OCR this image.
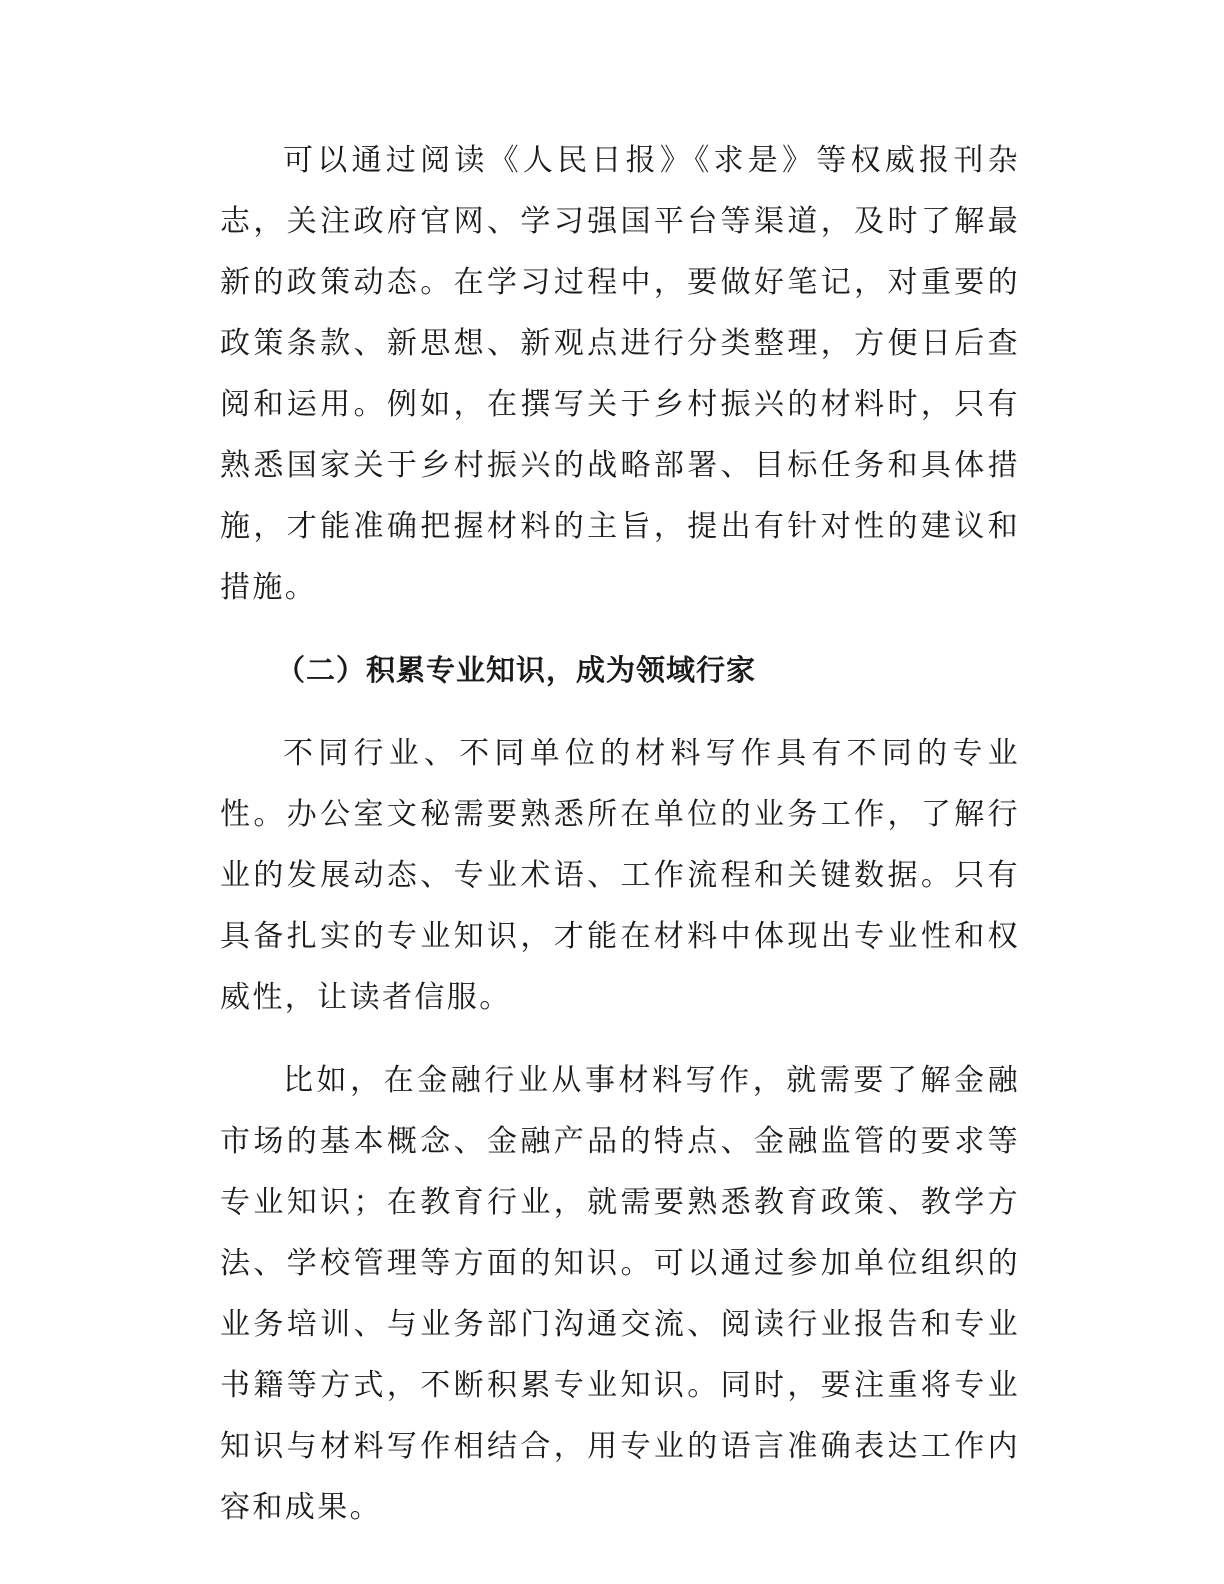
可以通过阅读《人民日报》《求是》等权威报刊杂志，关注政府官网、学习强国平台等渠道，及时了解最新的政策动态。在学习过程中，要做好笔记，对重要的政策条款、新思想、新观点进行分类整理，方便日后查阅和运用。例如，在撰写关于乡村振兴的材料时，只有熟悉国家关于乡村振兴的战略部署、目标任务和具体措施，才能准确把握材料的主旨，提出有针对性的建议和措施。

（二）积累专业知识，成为领域行家

不同行业、不同单位的材料写作具有不同的专业性。办公室文秘需要熟悉所在单位的业务工作，了解行业的发展动态、专业术语、工作流程和关键数据。只有具备扎实的专业知识，才能在材料中体现出专业性和权威性，让读者信服。

比如，在金融行业从事材料写作，就需要了解金融市场的基本概念、金融产品的特点、金融监管的要求等专业知识；在教育行业，就需要熟悉教育政策、教学方法、学校管理等方面的知识。可以通过参加单位组织的业务培训、与业务部门沟通交流、阅读行业报告和专业书籍等方式，不断积累专业知识。同时，要注重将专业知识与材料写作相结合，用专业的语言准确表达工作内容和成果。
